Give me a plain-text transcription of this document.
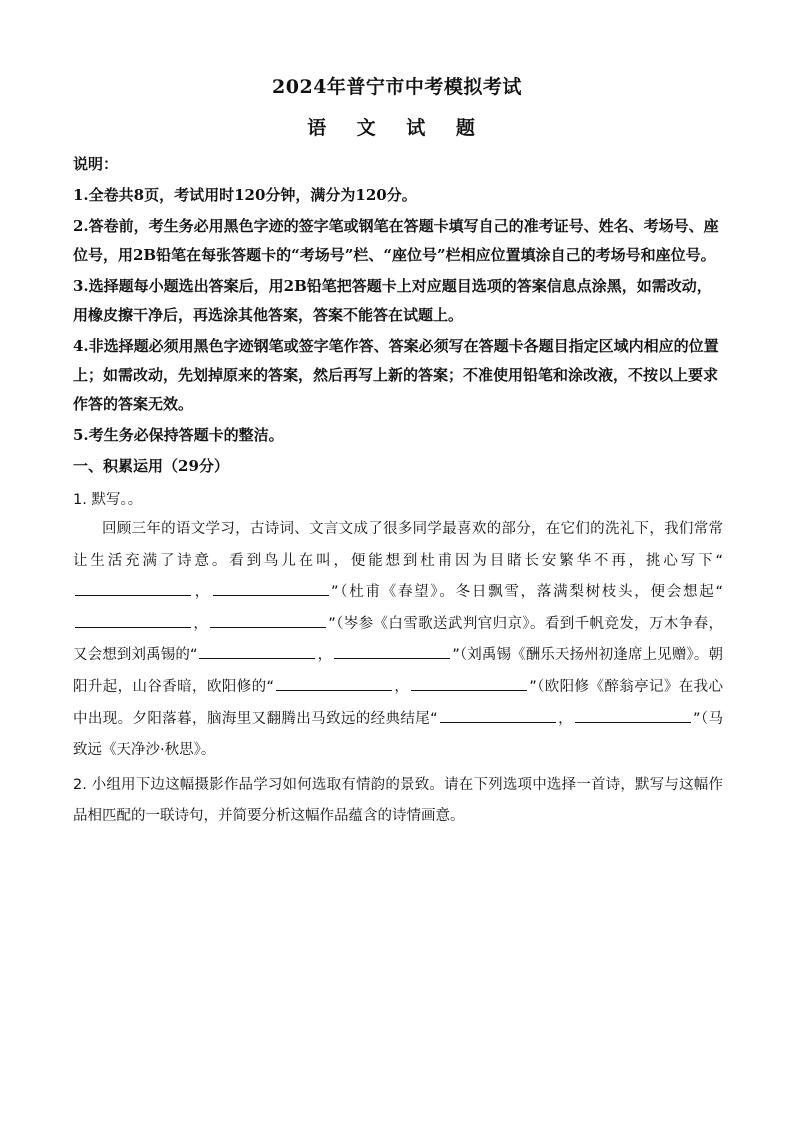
2024年普宁市中考模拟考试
语 文 试 题
说明：
1.全卷共8页，考试用时120分钟，满分为120分。
2.答卷前，考生务必用黑色字迹的签字笔或钢笔在答题卡填写自己的准考证号、姓名、考场号、座位号，用2B铅笔在每张答题卡的“考场号”栏、“座位号”栏相应位置填涂自己的考场号和座位号。
3.选择题每小题选出答案后，用2B铅笔把答题卡上对应题目选项的答案信息点涂黑，如需改动，用橡皮擦干净后，再选涂其他答案，答案不能答在试题上。
4.非选择题必须用黑色字迹钢笔或签字笔作答、答案必须写在答题卡各题目指定区域内相应的位置上；如需改动，先划掉原来的答案，然后再写上新的答案；不准使用铅笔和涂改液，不按以上要求作答的答案无效。
5.考生务必保持答题卡的整洁。
一、积累运用（29分）
1. 默写。。
回顾三年的语文学习，古诗词、文言文成了很多同学最喜欢的部分，在它们的洗礼下，我们常常让生活充满了诗意。看到鸟儿在叫，便能想到杜甫因为目睹长安繁华不再，挑心写下“，	”（杜甫《春望》。冬日飘雪，落满梨树枝头，便会想起“，	”（岑参《白雪歌送武判官归京》。看到千帆竞发，万木争春，又会想到刘禹锡的“	，	”（刘禹锡《酬乐天扬州初逢席上见赠》。朝阳升起，山谷香暗，欧阳修的“	，	”（欧阳修《醉翁亭记》在我心中出现。夕阳落暮，脑海里又翻腾出马致远的经典结尾“	，	”（马致远《天净沙·秋思》。
2. 小组用下边这幅摄影作品学习如何选取有情韵的景致。请在下列选项中选择一首诗，默写与这幅作品相匹配的一联诗句，并简要分析这幅作品蕴含的诗情画意。
